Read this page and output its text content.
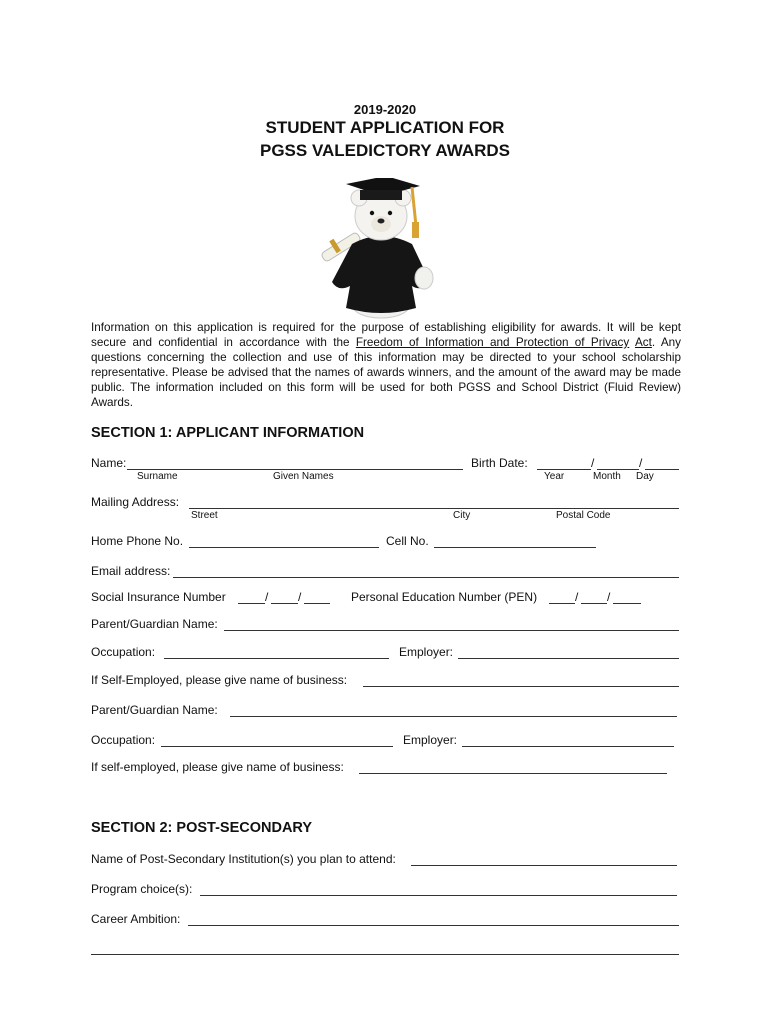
2019-2020
STUDENT APPLICATION FOR
PGSS VALEDICTORY AWARDS
Information on this application is required for the purpose of establishing eligibility for awards. It will be kept secure and confidential in accordance with the Freedom of Information and Protection of Privacy Act. Any questions concerning the collection and use of this information may be directed to your school scholarship representative. Please be advised that the names of awards winners, and the amount of the award may be made public. The information included on this form will be used for both PGSS and School District (Fluid Review) Awards.
SECTION 1: APPLICANT INFORMATION
Name:	Birth Date:	/	/
Surname	Given Names	Year	Month Day
Mailing Address:
Street	City	Postal Code
Home Phone No.	Cell No.
Email address:
Social Insurance Number	/ /	Personal Education Number (PEN)	/ /
Parent/Guardian Name:
Occupation:	Employer:
If Self-Employed, please give name of business:
Parent/Guardian Name:
Occupation:	Employer:
If self-employed, please give name of business:
SECTION 2: POST-SECONDARY
Name of Post-Secondary Institution(s) you plan to attend:
Program choice(s):
Career Ambition:
